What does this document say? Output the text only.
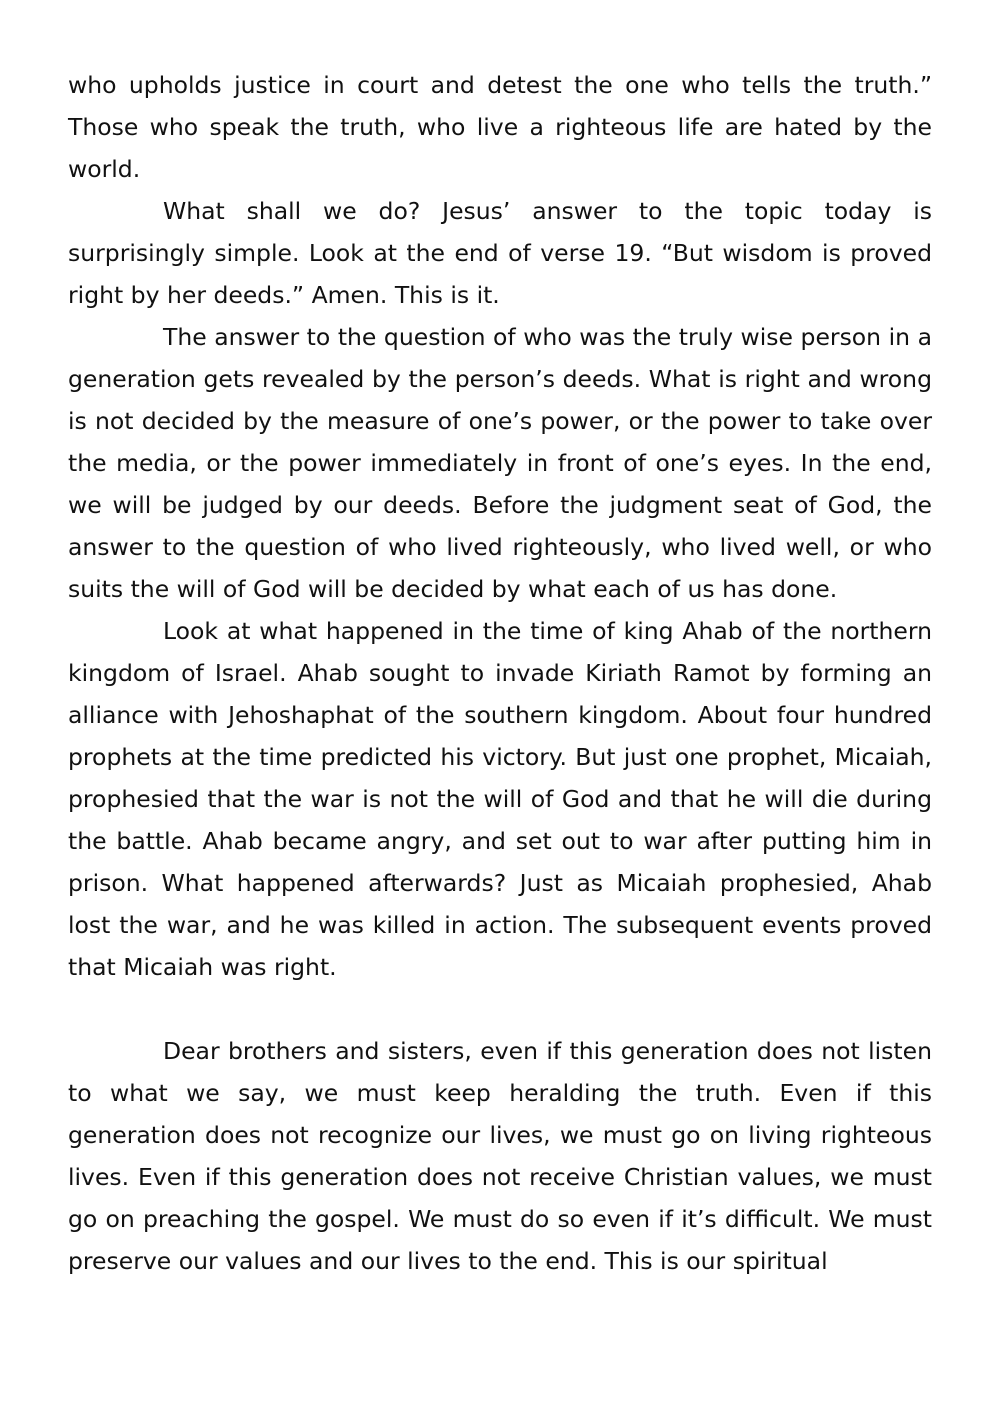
who upholds justice in court and detest the one who tells the truth.” Those who speak the truth, who live a righteous life are hated by the world.

What shall we do? Jesus’ answer to the topic today is surprisingly simple. Look at the end of verse 19. “But wisdom is proved right by her deeds.” Amen. This is it.

The answer to the question of who was the truly wise person in a generation gets revealed by the person’s deeds. What is right and wrong is not decided by the measure of one’s power, or the power to take over the media, or the power immediately in front of one’s eyes. In the end, we will be judged by our deeds. Before the judgment seat of God, the answer to the question of who lived righteously, who lived well, or who suits the will of God will be decided by what each of us has done.

Look at what happened in the time of king Ahab of the northern kingdom of Israel. Ahab sought to invade Kiriath Ramot by forming an alliance with Jehoshaphat of the southern kingdom. About four hundred prophets at the time predicted his victory. But just one prophet, Micaiah, prophesied that the war is not the will of God and that he will die during the battle. Ahab became angry, and set out to war after putting him in prison. What happened afterwards? Just as Micaiah prophesied, Ahab lost the war, and he was killed in action. The subsequent events proved that Micaiah was right.

Dear brothers and sisters, even if this generation does not listen to what we say, we must keep heralding the truth. Even if this generation does not recognize our lives, we must go on living righteous lives. Even if this generation does not receive Christian values, we must go on preaching the gospel. We must do so even if it’s difficult. We must preserve our values and our lives to the end. This is our spiritual
